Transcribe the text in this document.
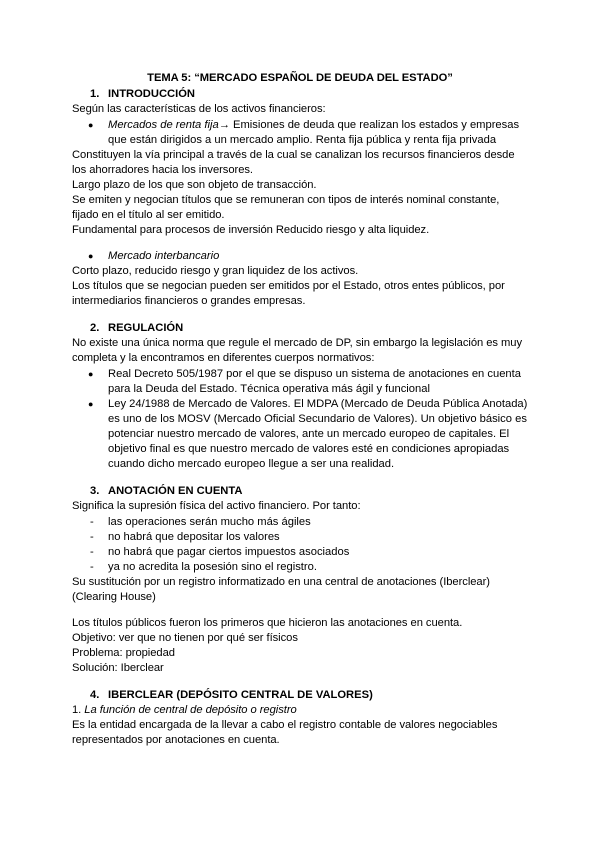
TEMA 5: “MERCADO ESPAÑOL DE DEUDA DEL ESTADO”
1. INTRODUCCIÓN
Según las características de los activos financieros:
● Mercados de renta fija→ Emisiones de deuda que realizan los estados y empresas
que están dirigidos a un mercado amplio. Renta fija pública y renta fija privada
Constituyen la vía principal a través de la cual se canalizan los recursos financieros desde
los ahorradores hacia los inversores.
Largo plazo de los que son objeto de transacción.
Se emiten y negocian títulos que se remuneran con tipos de interés nominal constante,
fijado en el título al ser emitido.
Fundamental para procesos de inversión Reducido riesgo y alta liquidez.
● Mercado interbancario
Corto plazo, reducido riesgo y gran liquidez de los activos.
Los títulos que se negocian pueden ser emitidos por el Estado, otros entes públicos, por
intermediarios financieros o grandes empresas.
2. REGULACIÓN
No existe una única norma que regule el mercado de DP, sin embargo la legislación es muy
completa y la encontramos en diferentes cuerpos normativos:
● Real Decreto 505/1987 por el que se dispuso un sistema de anotaciones en cuenta
para la Deuda del Estado. Técnica operativa más ágil y funcional
● Ley 24/1988 de Mercado de Valores. El MDPA (Mercado de Deuda Pública Anotada)
es uno de los MOSV (Mercado Oficial Secundario de Valores). Un objetivo básico es
potenciar nuestro mercado de valores, ante un mercado europeo de capitales. El
objetivo final es que nuestro mercado de valores esté en condiciones apropiadas
cuando dicho mercado europeo llegue a ser una realidad.
3. ANOTACIÓN EN CUENTA
Significa la supresión física del activo financiero. Por tanto:
- las operaciones serán mucho más ágiles
- no habrá que depositar los valores
- no habrá que pagar ciertos impuestos asociados
- ya no acredita la posesión sino el registro.
Su sustitución por un registro informatizado en una central de anotaciones (Iberclear)
(Clearing House)
Los títulos públicos fueron los primeros que hicieron las anotaciones en cuenta.
Objetivo: ver que no tienen por qué ser físicos
Problema: propiedad
Solución: Iberclear
4. IBERCLEAR (DEPÓSITO CENTRAL DE VALORES)
1. La función de central de depósito o registro
Es la entidad encargada de la llevar a cabo el registro contable de valores negociables
representados por anotaciones en cuenta.
